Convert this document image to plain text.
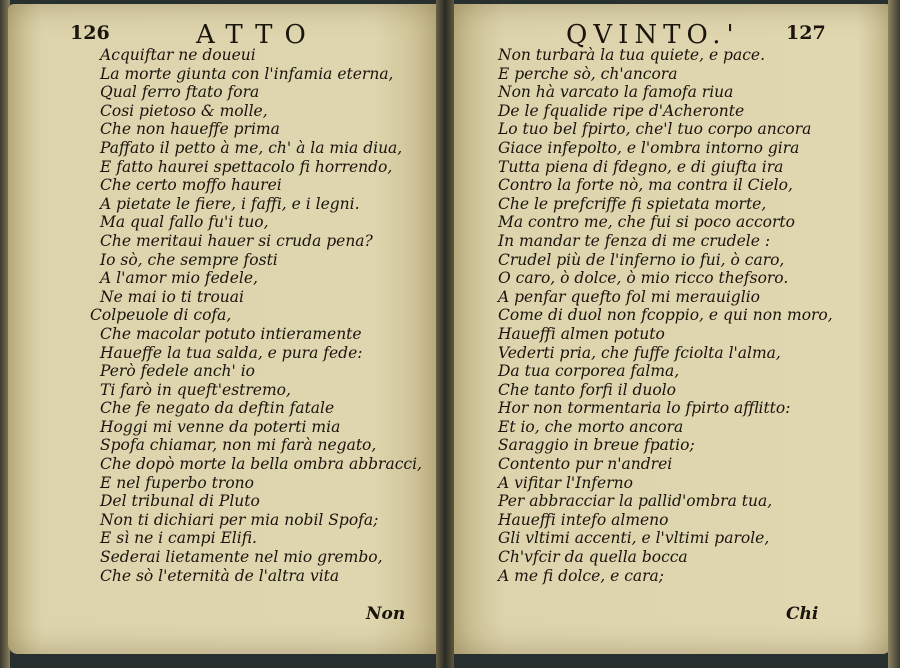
126	ATTO	QVINTO.' 127
Acquiftar ne doueui
La morte giunta con l'infamia eterna,
Qual ferro ftato fora
Cosi pietoso & molle,
Che non haueffe prima
Paffato il petto à me, ch' à la mia diua,
E fatto haurei spettacolo fi horrendo,
Che certo moffo haurei
A pietate le fiere, i faffi, e i legni.
Ma qual fallo fu'i tuo,
Che meritaui hauer si cruda pena?
Io sò, che sempre fosti
A l'amor mio fedele,
Ne mai io ti trouai
Colpeuole di cofa,
Che macolar potuto intieramente
Haueffe la tua salda, e pura fede:
Però fedele anch' io
Ti farò in queft'estremo,
Che fe negato da deftin fatale
Hoggi mi venne da poterti mia
Spofa chiamar, non mi farà negato,
Che dopò morte la bella ombra abbracci,
E nel fuperbo trono
Del tribunal di Pluto
Non ti dichiari per mia nobil Spofa;
E sì ne i campi Elifi.
Sederai lietamente nel mio grembo,
Che sò l'eternità de l'altra vita
Non turbarà la tua quiete, e pace.
E perche sò, ch'ancora
Non hà varcato la famofa riua
De le fqualide ripe d'Acheronte
Lo tuo bel fpirto, che'l tuo corpo ancora
Giace infepolto, e l'ombra intorno gira
Tutta piena di fdegno, e di giufta ira
Contro la forte nò, ma contra il Cielo,
Che le prefcriffe fi spietata morte,
Ma contro me, che fui si poco accorto
In mandar te fenza di me crudele :
Crudel più de l'inferno io fui, ò caro,
O caro, ò dolce, ò mio ricco thefsoro.
A penfar quefto fol mi merauiglio
Come di duol non fcoppio, e qui non moro,
Haueffi almen potuto
Vederti pria, che fuffe fciolta l'alma,
Da tua corporea falma,
Che tanto forfi il duolo
Hor non tormentaria lo fpirto afflitto:
Et io, che morto ancora
Saraggio in breue fpatio;
Contento pur n'andrei
A vifitar l'Inferno
Per abbracciar la pallid'ombra tua,
Haueffi intefo almeno
Gli vltimi accenti, e l'vltimi parole,
Ch'vfcir da quella bocca
A me fi dolce, e cara;
Non	Chi
